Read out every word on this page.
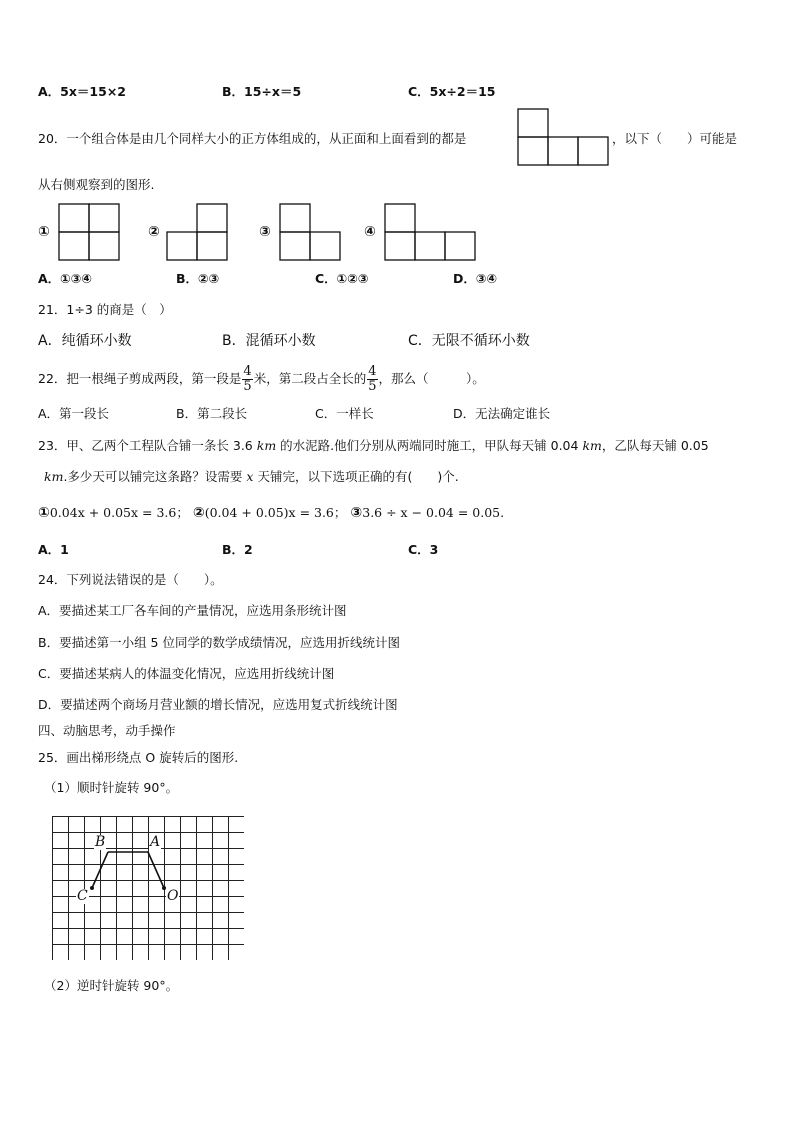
A．5x＝15×2	B．15÷x＝5	C．5x÷2＝15
20．一个组合体是由几个同样大小的正方体组成的，从正面和上面看到的都是	，以下（　　）可能是
从右侧观察到的图形.
①	②	③	④
A．①③④	B．②③	C．①②③	D．③④
21．1÷3 的商是（　）
A．纯循环小数	B．混循环小数	C．无限不循环小数
22．把一根绳子剪成两段，第一段是 $\frac{4}{5}$ 米，第二段占全长的 $\frac{4}{5}$ ，那么（　　　）。
A．第一段长	B．第二段长	C．一样长	D．无法确定谁长
23．甲、乙两个工程队合铺一条长 3.6 km 的水泥路.他们分别从两端同时施工，甲队每天铺 0.04 km，乙队每天铺 0.05
km.多少天可以铺完这条路？设需要 x 天铺完，以下选项正确的有(　　)个.
①0.04x + 0.05x = 3.6； ②(0.04 + 0.05)x = 3.6； ③3.6 ÷ x − 0.04 = 0.05.
A．1	B．2	C．3
24．下列说法错误的是（　　）。
A．要描述某工厂各车间的产量情况，应选用条形统计图
B．要描述第一小组 5 位同学的数学成绩情况，应选用折线统计图
C．要描述某病人的体温变化情况，应选用折线统计图
D．要描述两个商场月营业额的增长情况，应选用复式折线统计图
四、动脑思考，动手操作
25．画出梯形绕点 O 旋转后的图形.
（1）顺时针旋转 90°。
B	A
C	O
（2）逆时针旋转 90°。
